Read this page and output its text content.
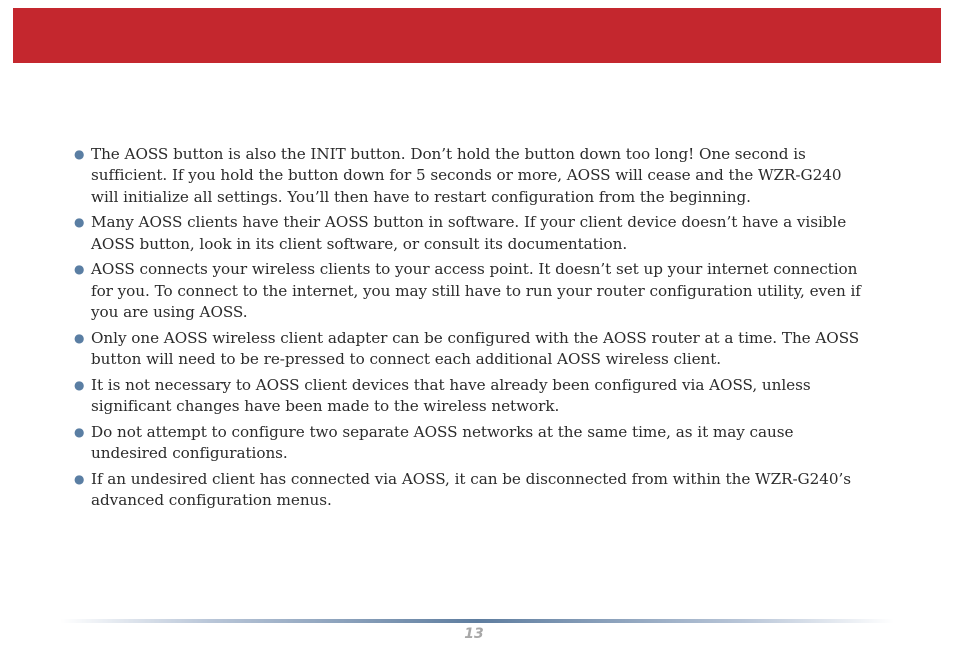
● The AOSS button is also the INIT button. Don’t hold the button down too long! One second is sufficient. If you hold the button down for 5 seconds or more, AOSS will cease and the WZR-G240 will initialize all settings. You’ll then have to restart configuration from the beginning.
● Many AOSS clients have their AOSS button in software. If your client device doesn’t have a visible AOSS button, look in its client software, or consult its documentation.
● AOSS connects your wireless clients to your access point. It doesn’t set up your internet connection for you. To connect to the internet, you may still have to run your router configuration utility, even if you are using AOSS.
● Only one AOSS wireless client adapter can be configured with the AOSS router at a time. The AOSS button will need to be re-pressed to connect each additional AOSS wireless client.
● It is not necessary to AOSS client devices that have already been configured via AOSS, unless significant changes have been made to the wireless network.
● Do not attempt to configure two separate AOSS networks at the same time, as it may cause undesired configurations.
● If an undesired client has connected via AOSS, it can be disconnected from within the WZR-G240’s advanced configuration menus.
13
